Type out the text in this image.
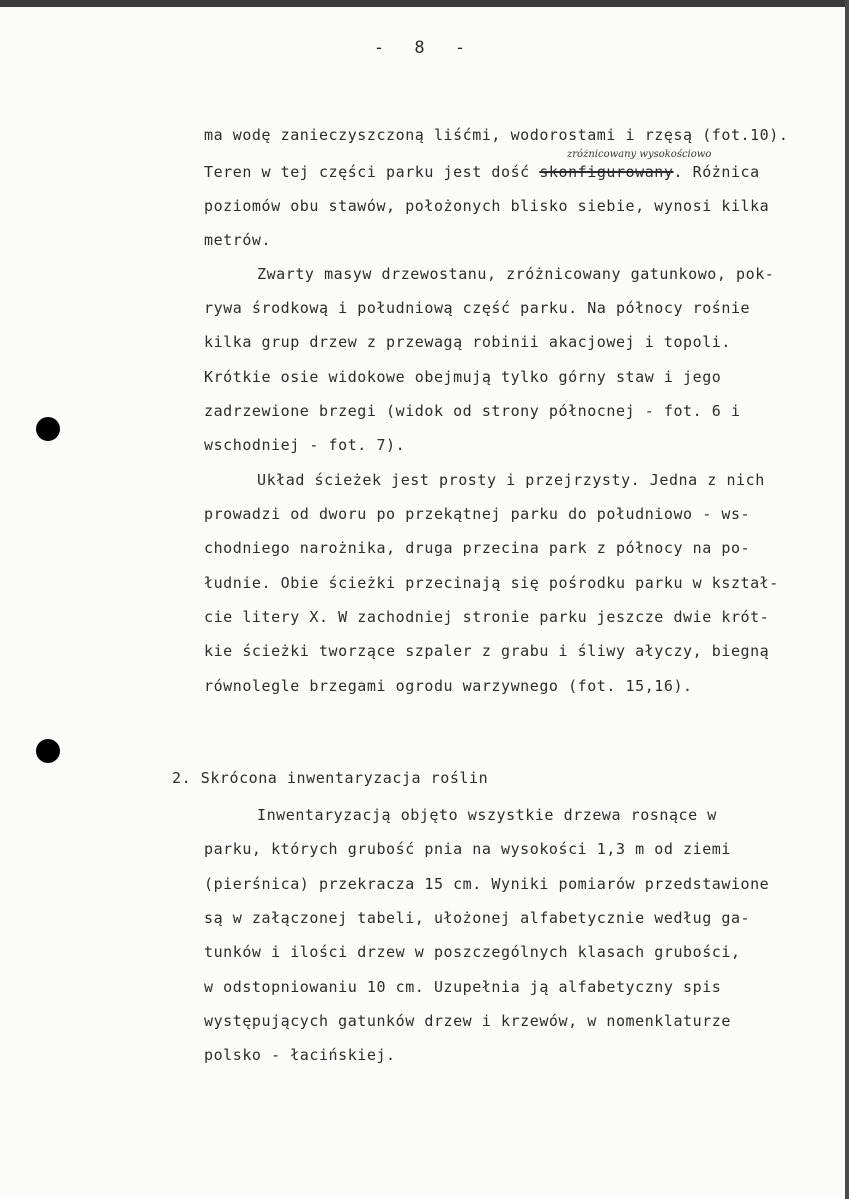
- 8 -
ma wodę zanieczyszczoną liśćmi, wodorostami i rzęsą (fot.10).
zróżnicowany wysokościowo
Teren w tej części parku jest dość skonfigurowany. Różnica
poziomów obu stawów, położonych blisko siebie, wynosi kilka
metrów.
Zwarty masyw drzewostanu, zróżnicowany gatunkowo, pok-
rywa środkową i południową część parku. Na północy rośnie
kilka grup drzew z przewagą robinii akacjowej i topoli.
Krótkie osie widokowe obejmują tylko górny staw i jego
zadrzewione brzegi (widok od strony północnej - fot. 6 i
wschodniej - fot. 7).
Układ ścieżek jest prosty i przejrzysty. Jedna z nich
prowadzi od dworu po przekątnej parku do południowo - ws-
chodniego narożnika, druga przecina park z północy na po-
łudnie. Obie ścieżki przecinają się pośrodku parku w kształ-
cie litery X. W zachodniej stronie parku jeszcze dwie krót-
kie ścieżki tworzące szpaler z grabu i śliwy ałyczy, biegną
równolegle brzegami ogrodu warzywnego (fot. 15,16).
2. Skrócona inwentaryzacja roślin
Inwentaryzacją objęto wszystkie drzewa rosnące w
parku, których grubość pnia na wysokości 1,3 m od ziemi
(pierśnica) przekracza 15 cm. Wyniki pomiarów przedstawione
są w załączonej tabeli, ułożonej alfabetycznie według ga-
tunków i ilości drzew w poszczególnych klasach grubości,
w odstopniowaniu 10 cm. Uzupełnia ją alfabetyczny spis
występujących gatunków drzew i krzewów, w nomenklaturze
polsko - łacińskiej.
